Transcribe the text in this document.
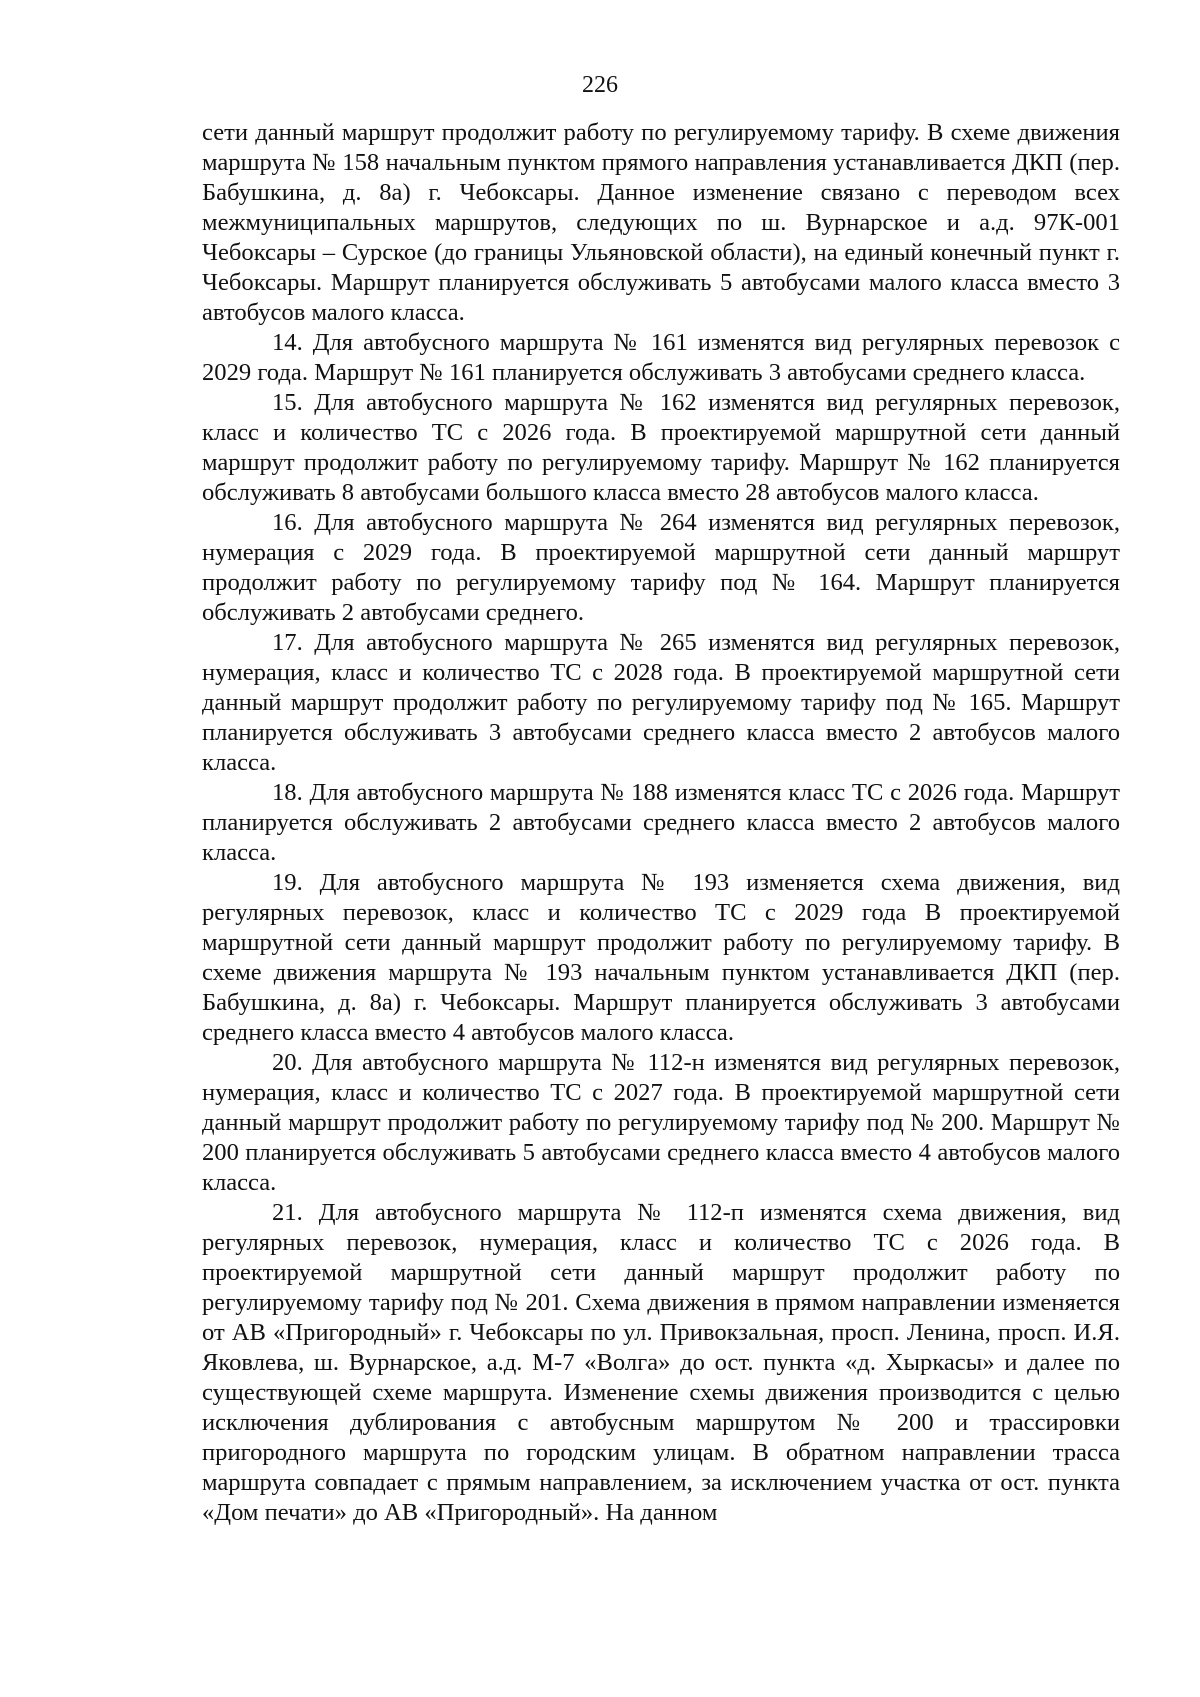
226

сети данный маршрут продолжит работу по регулируемому тарифу. В схеме движения маршрута № 158 начальным пунктом прямого направления устанавливается ДКП (пер. Бабушкина, д. 8а) г. Чебоксары. Данное изменение связано с переводом всех межмуниципальных маршрутов, следующих по ш. Вурнарское и а.д. 97К-001 Чебоксары – Сурское (до границы Ульяновской области), на единый конечный пункт г. Чебоксары. Маршрут планируется обслуживать 5 автобусами малого класса вместо 3 автобусов малого класса.

14. Для автобусного маршрута № 161 изменятся вид регулярных перевозок с 2029 года. Маршрут № 161 планируется обслуживать 3 автобусами среднего класса.

15. Для автобусного маршрута № 162 изменятся вид регулярных перевозок, класс и количество ТС с 2026 года. В проектируемой маршрутной сети данный маршрут продолжит работу по регулируемому тарифу. Маршрут № 162 планируется обслуживать 8 автобусами большого класса вместо 28 автобусов малого класса.

16. Для автобусного маршрута № 264 изменятся вид регулярных перевозок, нумерация с 2029 года. В проектируемой маршрутной сети данный маршрут продолжит работу по регулируемому тарифу под № 164. Маршрут планируется обслуживать 2 автобусами среднего.

17. Для автобусного маршрута № 265 изменятся вид регулярных перевозок, нумерация, класс и количество ТС с 2028 года. В проектируемой маршрутной сети данный маршрут продолжит работу по регулируемому тарифу под № 165. Маршрут планируется обслуживать 3 автобусами среднего класса вместо 2 автобусов малого класса.

18. Для автобусного маршрута № 188 изменятся класс ТС с 2026 года. Маршрут планируется обслуживать 2 автобусами среднего класса вместо 2 автобусов малого класса.

19. Для автобусного маршрута № 193 изменяется схема движения, вид регулярных перевозок, класс и количество ТС с 2029 года В проектируемой маршрутной сети данный маршрут продолжит работу по регулируемому тарифу. В схеме движения маршрута № 193 начальным пунктом устанавливается ДКП (пер. Бабушкина, д. 8а) г. Чебоксары. Маршрут планируется обслуживать 3 автобусами среднего класса вместо 4 автобусов малого класса.

20. Для автобусного маршрута № 112-н изменятся вид регулярных перевозок, нумерация, класс и количество ТС с 2027 года. В проектируемой маршрутной сети данный маршрут продолжит работу по регулируемому тарифу под № 200. Маршрут № 200 планируется обслуживать 5 автобусами среднего класса вместо 4 автобусов малого класса.

21. Для автобусного маршрута № 112-п изменятся схема движения, вид регулярных перевозок, нумерация, класс и количество ТС с 2026 года. В проектируемой маршрутной сети данный маршрут продолжит работу по регулируемому тарифу под № 201. Схема движения в прямом направлении изменяется от АВ «Пригородный» г. Чебоксары по ул. Привокзальная, просп. Ленина, просп. И.Я. Яковлева, ш. Вурнарское, а.д. М-7 «Волга» до ост. пункта «д. Хыркасы» и далее по существующей схеме маршрута. Изменение схемы движения производится с целью исключения дублирования с автобусным маршрутом № 200 и трассировки пригородного маршрута по городским улицам. В обратном направлении трасса маршрута совпадает с прямым направлением, за исключением участка от ост. пункта «Дом печати» до АВ «Пригородный». На данном
